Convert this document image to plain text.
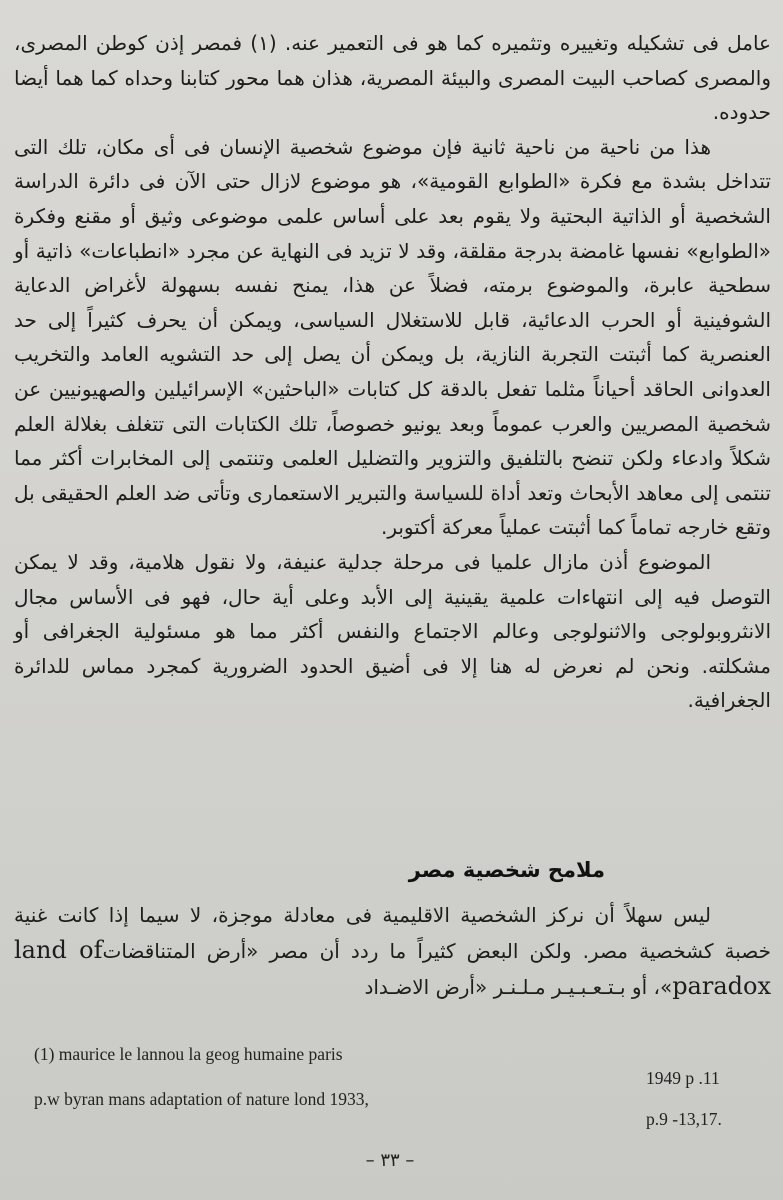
عامل فى تشكيله وتغييره وتثميره كما هو فى التعمير عنه. (١) فمصر إذن كوطن المصرى، والمصرى كصاحب البيت المصرى والبيئة المصرية، هذان هما محور كتابنا وحداه كما هما أيضا حدوده.

هذا من ناحية من ناحية ثانية فإن موضوع شخصية الإنسان فى أى مكان، تلك التى تتداخل بشدة مع فكرة «الطوابع القومية»، هو موضوع لازال حتى الآن فى دائرة الدراسة الشخصية أو الذاتية البحتية ولا يقوم بعد على أساس علمى موضوعى وثيق أو مقنع وفكرة «الطوابع» نفسها غامضة بدرجة مقلقة، وقد لا تزيد فى النهاية عن مجرد «انطباعات» ذاتية أو سطحية عابرة، والموضوع برمته، فضلاً عن هذا، يمنح نفسه بسهولة لأغراض الدعاية الشوفينية أو الحرب الدعائية، قابل للاستغلال السياسى، ويمكن أن يحرف كثيراً إلى حد العنصرية كما أثبتت التجربة النازية، بل ويمكن أن يصل إلى حد التشويه العامد والتخريب العدوانى الحاقد أحياناً مثلما تفعل بالدقة كل كتابات «الباحثين» الإسرائيلين والصهيونيين عن شخصية المصريين والعرب عموماً وبعد يونيو خصوصاً، تلك الكتابات التى تتغلف بغلالة العلم شكلاً وادعاء ولكن تنضح بالتلفيق والتزوير والتضليل العلمى وتنتمى إلى المخابرات أكثر مما تنتمى إلى معاهد الأبحاث وتعد أداة للسياسة والتبرير الاستعمارى وتأتى ضد العلم الحقيقى بل وتقع خارجه تماماً كما أثبتت عملياً معركة أكتوبر.

الموضوع أذن مازال علميا فى مرحلة جدلية عنيفة، ولا نقول هلامية، وقد لا يمكن التوصل فيه إلى انتهاءات علمية يقينية إلى الأبد وعلى أية حال، فهو فى الأساس مجال الانثروبولوجى والاثنولوجى وعالم الاجتماع والنفس أكثر مما هو مسئولية الجغرافى أو مشكلته. ونحن لم نعرض له هنا إلا فى أضيق الحدود الضرورية كمجرد مماس للدائرة الجغرافية.

ملامح شخصية مصر

ليس سهلاً أن نركز الشخصية الاقليمية فى معادلة موجزة، لا سيما إذا كانت غنية خصبة كشخصية مصر. ولكن البعض كثيراً ما ردد أن مصر «أرض المتناقضاتland of paradox»، أو بـتـعـبـيـر مـلـنـر «أرض الاضـداد

(1) maurice le lannou la geog humaine paris
1949 p .11
p.w byran mans adaptation of nature lond 1933,
p.9 -13,17.
– ٣٣ –
